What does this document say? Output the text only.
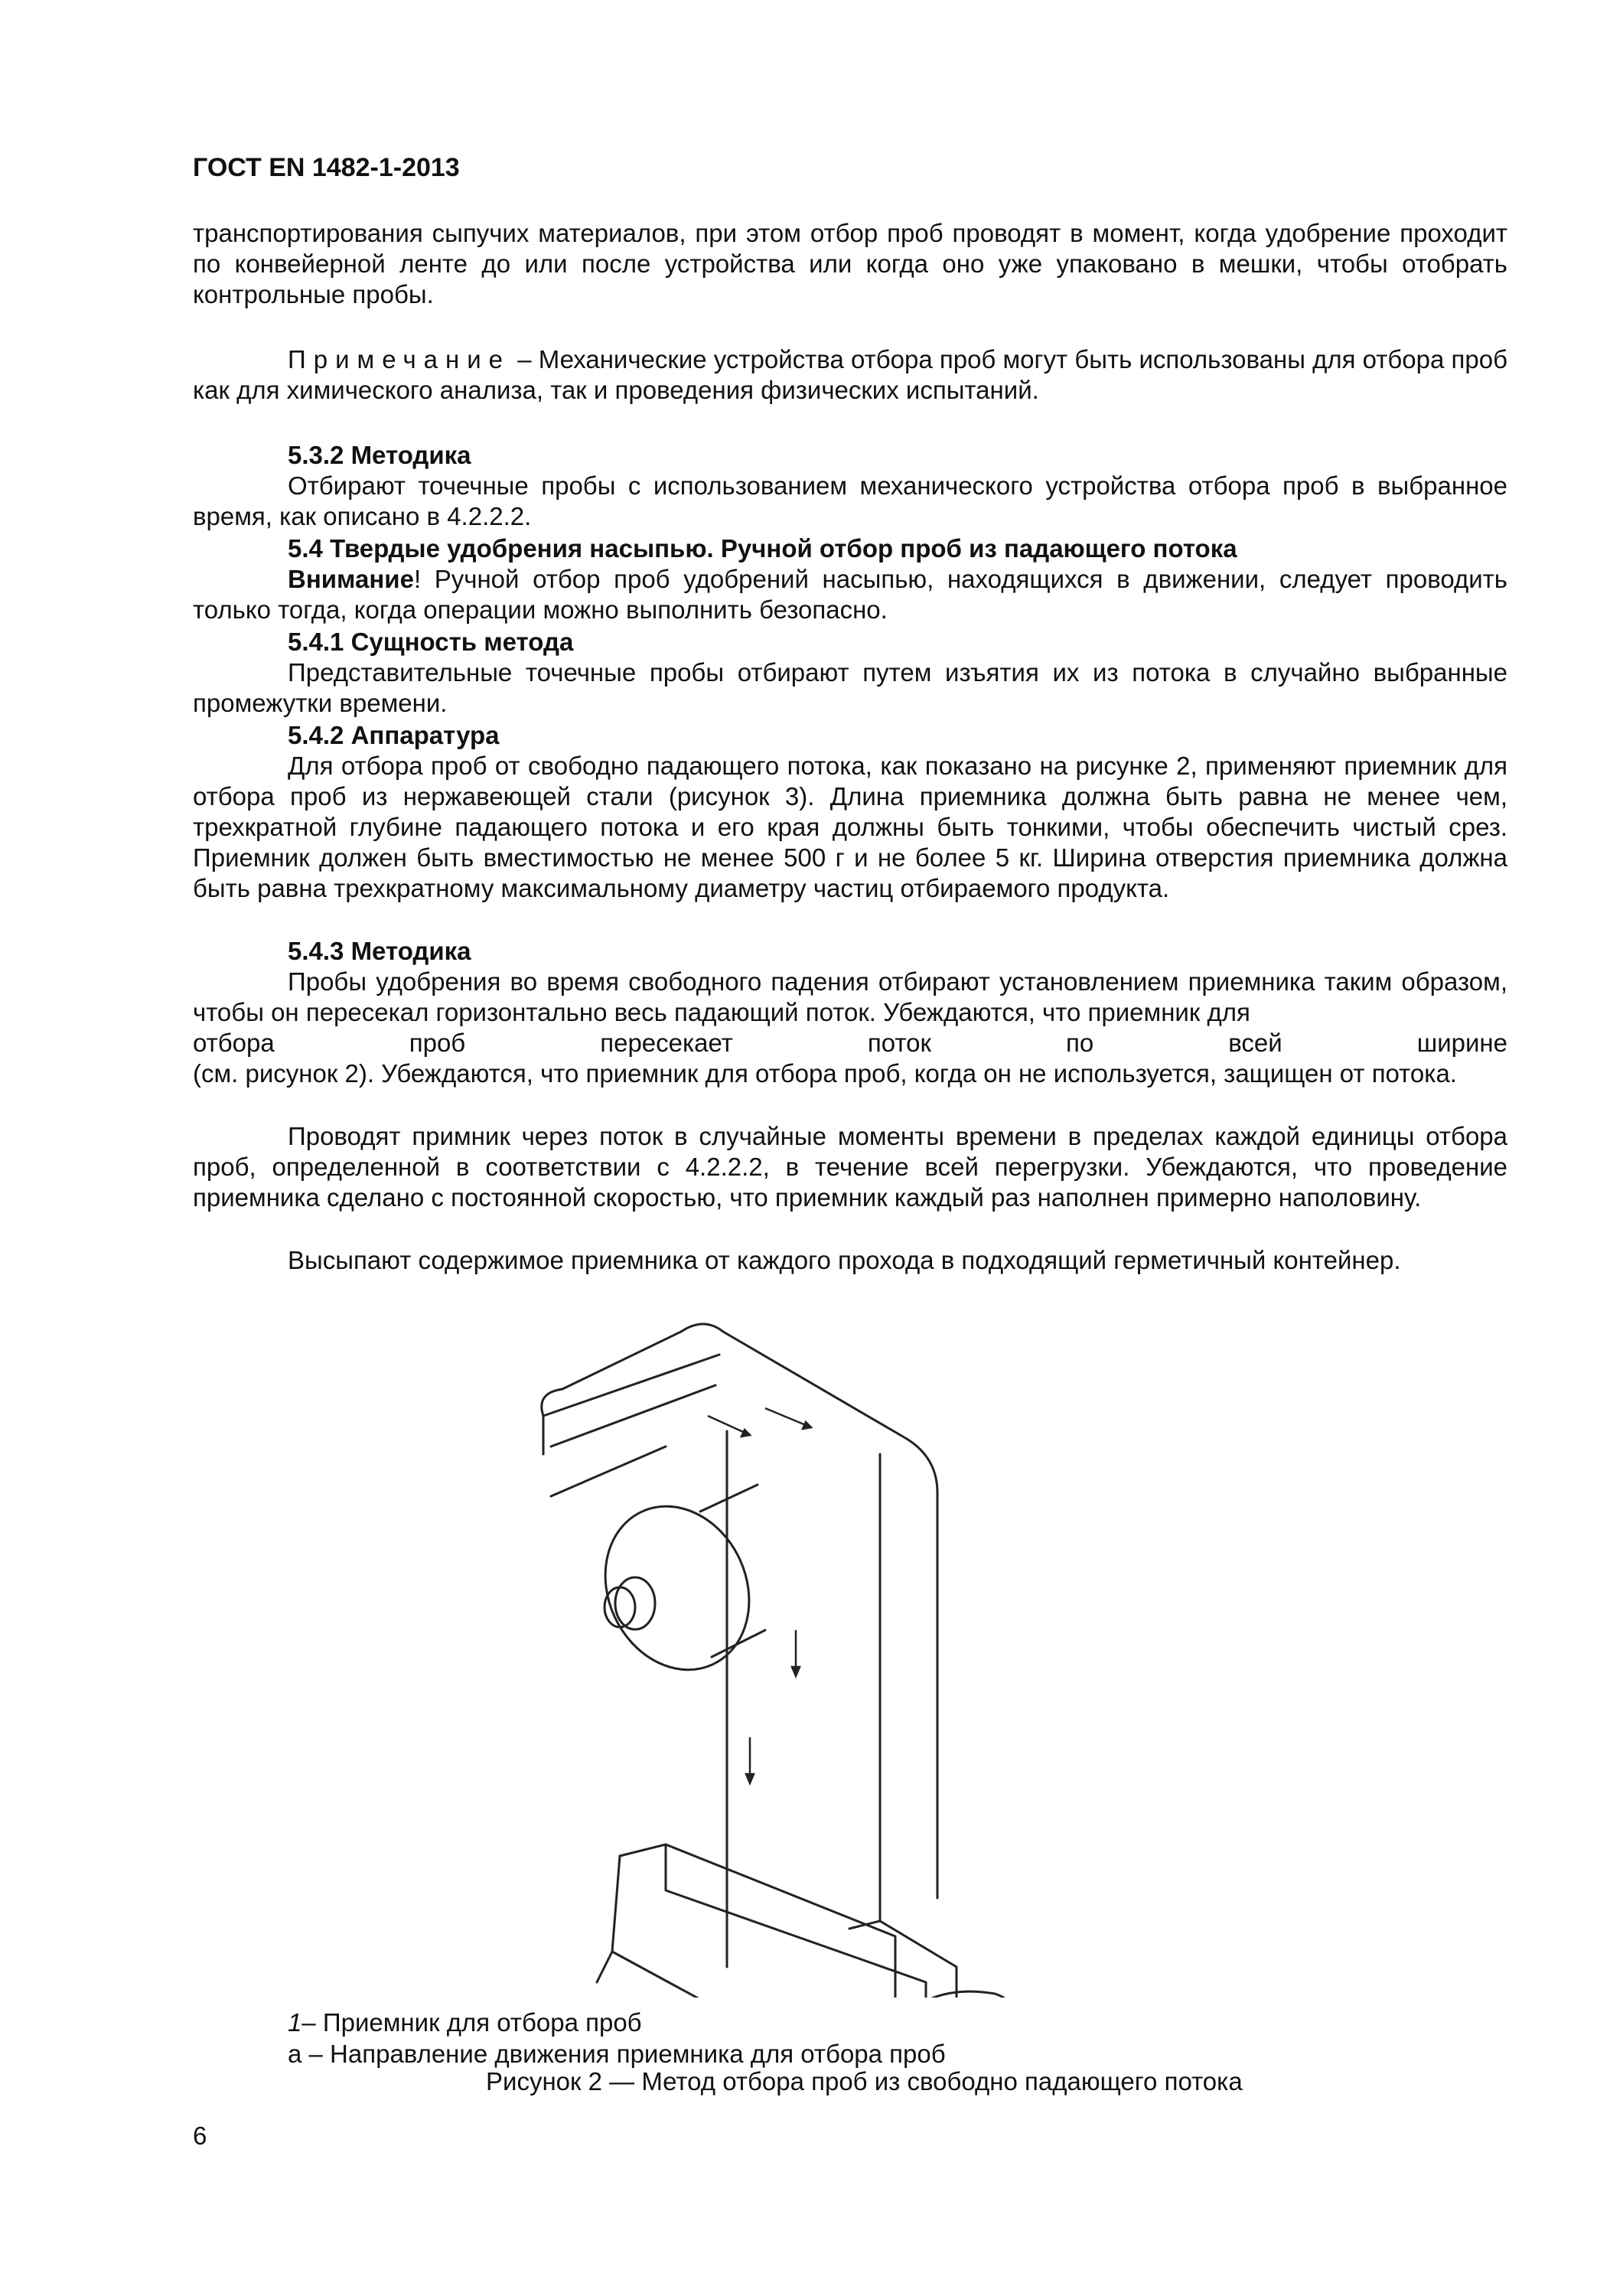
ГОСТ EN 1482-1-2013

транспортирования сыпучих материалов, при этом отбор проб проводят в момент, когда удобрение проходит по конвейерной ленте до или после устройства или когда оно уже упаковано в мешки, чтобы отобрать контрольные пробы.

Примечание – Механические устройства отбора проб могут быть использованы для отбора проб как для химического анализа, так и проведения физических испытаний.

5.3.2 Методика

Отбирают точечные пробы с использованием механического устройства отбора проб в выбранное время, как описано в 4.2.2.2.

5.4 Твердые удобрения насыпью. Ручной отбор проб из падающего потока

Внимание! Ручной отбор проб удобрений насыпью, находящихся в движении, следует проводить только тогда, когда операции можно выполнить безопасно.

5.4.1 Сущность метода

Представительные точечные пробы отбирают путем изъятия их из потока в случайно выбранные промежутки времени.

5.4.2 Аппаратура

Для отбора проб от свободно падающего потока, как показано на рисунке 2, применяют приемник для отбора проб из нержавеющей стали (рисунок 3). Длина приемника должна быть равна не менее чем, трехкратной глубине падающего потока и его края должны быть тонкими, чтобы обеспечить чистый срез. Приемник должен быть вместимостью не менее 500 г и не более 5 кг. Ширина отверстия приемника должна быть равна трехкратному максимальному диаметру частиц отбираемого продукта.

5.4.3 Методика

Пробы удобрения во время свободного падения отбирают установлением приемника таким образом, чтобы он пересекал горизонтально весь падающий поток. Убеждаются, что приемник для

отбора проб пересекает поток по всей ширине

(см. рисунок 2). Убеждаются, что приемник для отбора проб, когда он не используется, защищен от потока.

Проводят примник через поток в случайные моменты времени в пределах каждой единицы отбора проб, определенной в соответствии с 4.2.2.2, в течение всей перегрузки. Убеждаются, что проведение приемника сделано с постоянной скоростью, что приемник каждый раз наполнен примерно наполовину.

Высыпают содержимое приемника от каждого прохода в подходящий герметичный контейнер.

1– Приемник для отбора проб

а – Направление движения приемника для отбора проб

Рисунок 2 — Метод отбора проб из свободно падающего потока

6
